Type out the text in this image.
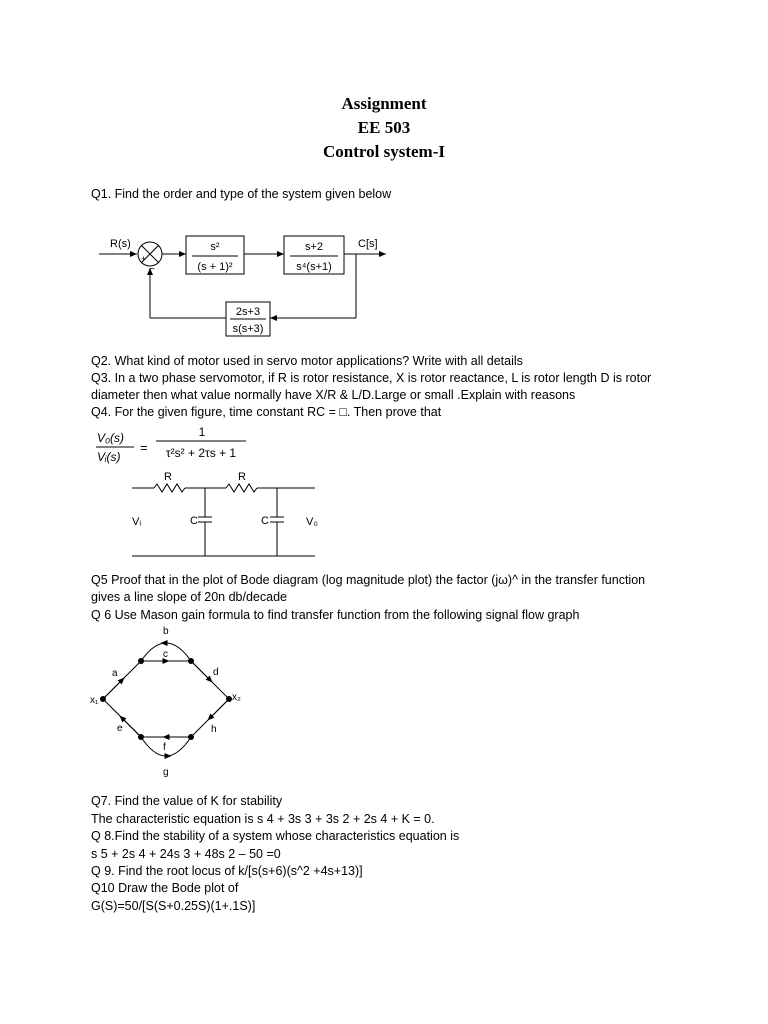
Assignment
EE 503
Control system-I
Q1. Find the order and type of the system given below
+
−
s²
(s + 1)²
s+2
s⁴(s+1)
R(s)	C[s]
2s+3
s(s+3)
Q2. What kind of motor used in servo motor applications? Write with all details
Q3. In a two phase servomotor, if R is rotor resistance, X is rotor reactance, L is rotor length D is rotor
diameter then what value normally have X/R & L/D.Large or small .Explain with reasons
Q4. For the given figure, time constant RC = □. Then prove that
V₀(s)
Vᵢ(s)
=
1
τ²s² + 2τs + 1
R	R
C	C
Vᵢ	V₀
Q5 Proof that in the plot of Bode diagram (log magnitude plot) the factor (jω)^ in the transfer function
gives a line slope of 20n db/decade
Q 6 Use Mason gain formula to find transfer function from the following signal flow graph
x₁	x₂
a
b
c
d
e
f
g
h
Q7. Find the value of K for stability
The characteristic equation is s 4 + 3s 3 + 3s 2 + 2s 4 + K = 0.
Q 8.Find the stability of a system whose characteristics equation is
s 5 + 2s 4 + 24s 3 + 48s 2 – 50 =0
Q 9. Find the root locus of k/[s(s+6)(s^2 +4s+13)]
Q10 Draw the Bode plot of
G(S)=50/[S(S+0.25S)(1+.1S)]
